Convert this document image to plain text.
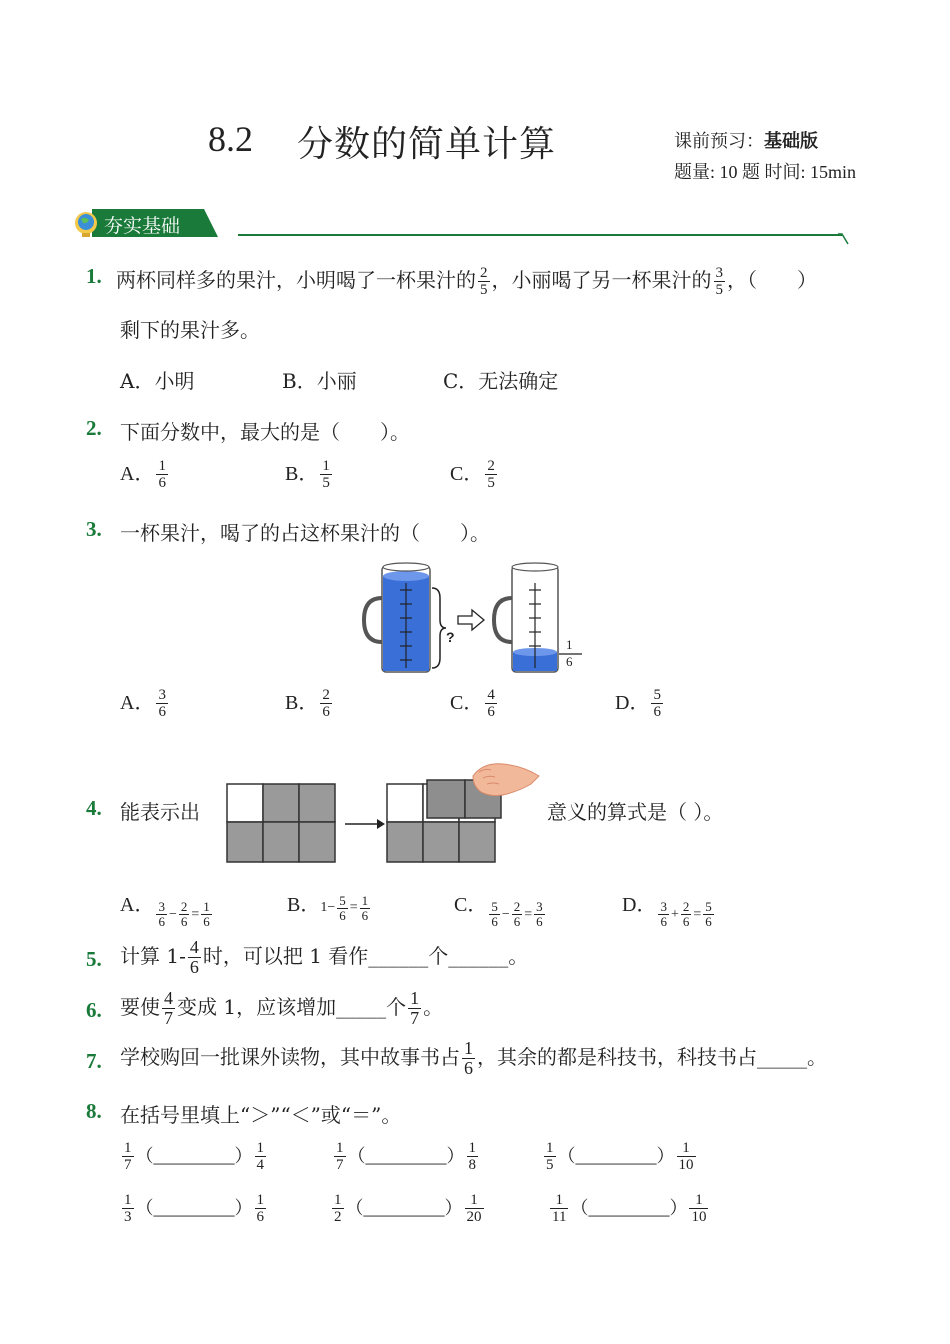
8.2 分数的简单计算	课前预习：基础版
题量: 10 题 时间: 15min
夯实基础
1. 两杯同样多的果汁，小明喝了一杯果汁的 $\frac{2}{5}$ ，小丽喝了另一杯果汁的 $\frac{3}{5}$ ，（　　）
剩下的果汁多。
A．小明	B．小丽	C．无法确定
2. 下面分数中，最大的是（　　）。
A． $\frac{1}{6}$	B． $\frac{1}{5}$	C． $\frac{2}{5}$
3. 一杯果汁，喝了的占这杯果汁的（　　）。
?	1
6
A． $\frac{3}{6}$	B． $\frac{2}{6}$	C． $\frac{4}{6}$	D． $\frac{5}{6}$
4. 能表示出	意义的算式是（ ）。
A． $\frac{3}{6} - \frac{2}{6} = \frac{1}{6}$	B． $1- \frac{5}{6} = \frac{1}{6}$	C． $\frac{5}{6} - \frac{2}{6} = \frac{3}{6}$	D． $\frac{3}{6} + \frac{2}{6} = \frac{5}{6}$
5. 计算 $1- \frac{4}{6}$ 时，可以把 1 看作______个______。
6. 要使 $\frac{4}{7}$ 变成 1，应该增加_____个 $\frac{1}{7}$ 。
7. 学校购回一批课外读物，其中故事书占 $\frac{1}{6}$ ，其余的都是科技书，科技书占_____。
8. 在括号里填上“＞”“＜”或“＝”。
$\frac{1}{7}$ （_________） $\frac{1}{4}$	$\frac{1}{7}$ （_________） $\frac{1}{8}$	$\frac{1}{5}$ （_________） $\frac{1}{10}$
$\frac{1}{3}$ （_________） $\frac{1}{6}$	$\frac{1}{2}$ （_________） $\frac{1}{20}$	$\frac{1}{11}$ （_________） $\frac{1}{10}$
